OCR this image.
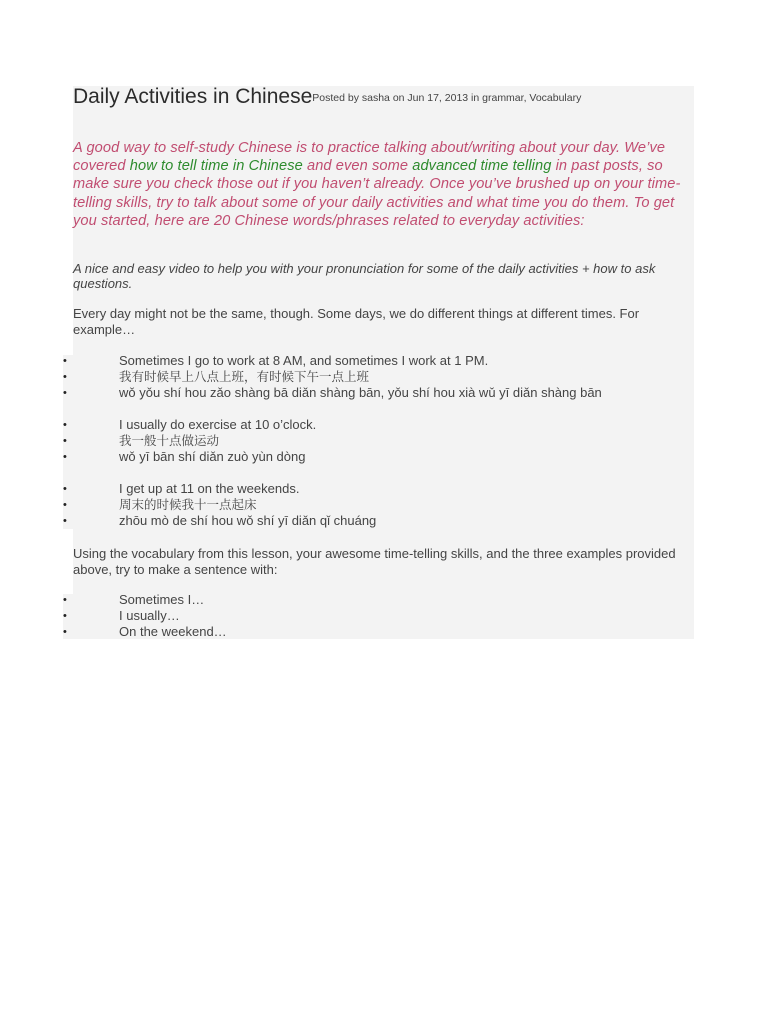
Daily Activities in ChinesePosted by sasha on Jun 17, 2013 in grammar, Vocabulary
A good way to self-study Chinese is to practice talking about/writing about your day. We’ve covered how to tell time in Chinese and even some advanced time telling in past posts, so make sure you check those out if you haven’t already. Once you’ve brushed up on your time-telling skills, try to talk about some of your daily activities and what time you do them. To get you started, here are 20 Chinese words/phrases related to everyday activities:
A nice and easy video to help you with your pronunciation for some of the daily activities + how to ask questions.
Every day might not be the same, though. Some days, we do different things at different times. For example…
•	Sometimes I go to work at 8 AM, and sometimes I work at 1 PM.
•	我有时候早上八点上班，有时候下午一点上班
•	wǒ yǒu shí hou zǎo shàng bā diǎn shàng bān, yǒu shí hou xià wǔ yī diǎn shàng bān
•	I usually do exercise at 10 o’clock.
•	我一般十点做运动
•	wǒ yī bān shí diǎn zuò yùn dòng
•	I get up at 11 on the weekends.
•	周末的时候我十一点起床
•	zhōu mò de shí hou wǒ shí yī diǎn qǐ chuáng
Using the vocabulary from this lesson, your awesome time-telling skills, and the three examples provided above, try to make a sentence with:
•	Sometimes I…
•	I usually…
•	On the weekend…
